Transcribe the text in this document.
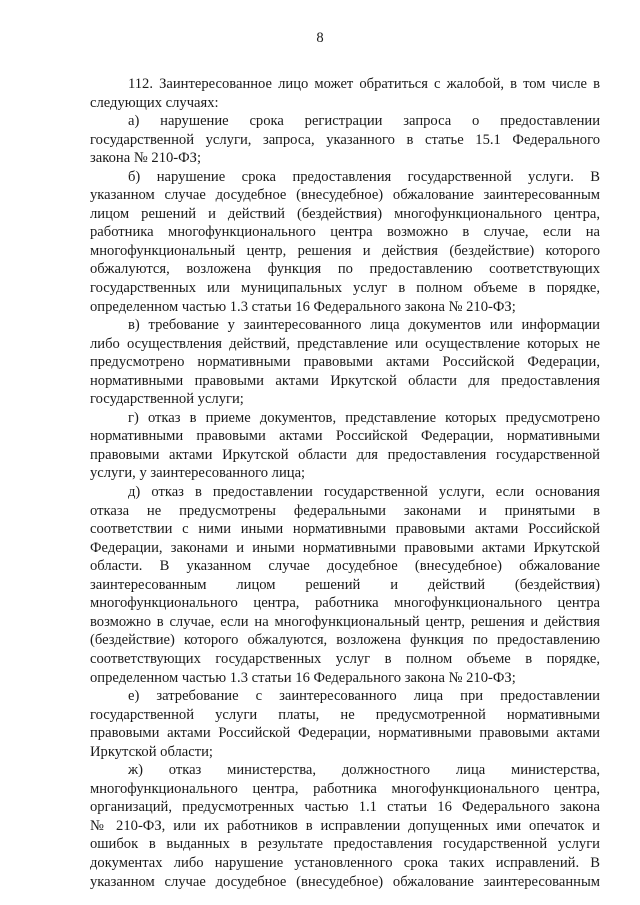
8
112. Заинтересованное лицо может обратиться с жалобой, в том числе в
следующих случаях:
а) нарушение срока регистрации запроса о предоставлении
государственной услуги, запроса, указанного в статье 15.1 Федерального
закона № 210-ФЗ;
б) нарушение срока предоставления государственной услуги. В
указанном случае досудебное (внесудебное) обжалование заинтересованным
лицом решений и действий (бездействия) многофункционального центра,
работника многофункционального центра возможно в случае, если на
многофункциональный центр, решения и действия (бездействие) которого
обжалуются, возложена функция по предоставлению соответствующих
государственных или муниципальных услуг в полном объеме в порядке,
определенном частью 1.3 статьи 16 Федерального закона № 210-ФЗ;
в) требование у заинтересованного лица документов или информации
либо осуществления действий, представление или осуществление которых не
предусмотрено нормативными правовыми актами Российской Федерации,
нормативными правовыми актами Иркутской области для предоставления
государственной услуги;
г) отказ в приеме документов, представление которых предусмотрено
нормативными правовыми актами Российской Федерации, нормативными
правовыми актами Иркутской области для предоставления государственной
услуги, у заинтересованного лица;
д) отказ в предоставлении государственной услуги, если основания
отказа не предусмотрены федеральными законами и принятыми в
соответствии с ними иными нормативными правовыми актами Российской
Федерации, законами и иными нормативными правовыми актами Иркутской
области. В указанном случае досудебное (внесудебное) обжалование
заинтересованным лицом решений и действий (бездействия)
многофункционального центра, работника многофункционального центра
возможно в случае, если на многофункциональный центр, решения и действия
(бездействие) которого обжалуются, возложена функция по предоставлению
соответствующих государственных услуг в полном объеме в порядке,
определенном частью 1.3 статьи 16 Федерального закона № 210-ФЗ;
е) затребование с заинтересованного лица при предоставлении
государственной услуги платы, не предусмотренной нормативными
правовыми актами Российской Федерации, нормативными правовыми актами
Иркутской области;
ж) отказ министерства, должностного лица министерства,
многофункционального центра, работника многофункционального центра,
организаций, предусмотренных частью 1.1 статьи 16 Федерального закона
№ 210-ФЗ, или их работников в исправлении допущенных ими опечаток и
ошибок в выданных в результате предоставления государственной услуги
документах либо нарушение установленного срока таких исправлений. В
указанном случае досудебное (внесудебное) обжалование заинтересованным
